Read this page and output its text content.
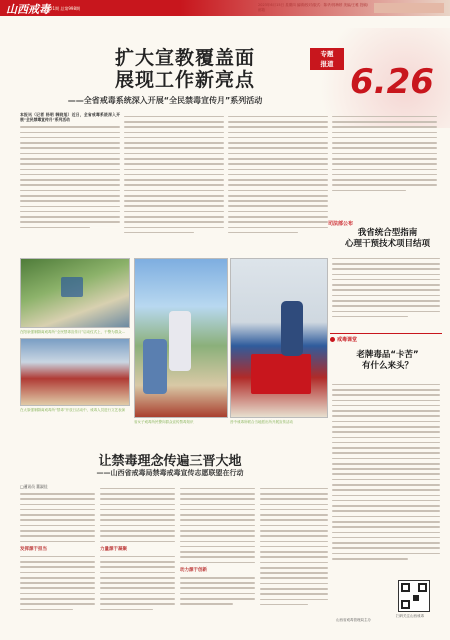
山西戒毒
第21期 总第998期
2023年6月15日 星期四 编辑/校对/版式：陈华/郭梅婷 美编/王雅 投稿/邮箱
专题
报道 6.26
扩大宣教覆盖面
展现工作新亮点
——全省戒毒系统深入开展“全民禁毒宣传月”系列活动
本报讯（记者 杨明 韩晓旭）近日，全省戒毒系统深入开展“全民禁毒宣传月”系列活动
司法部公布
我省统合型指南
心理干预技术项目结项
戒毒课堂
老牌毒品“卡苦”
有什么来头？
在阳泉强制隔离戒毒所“全民禁毒宣传月”启动仪式上，干警为群众...
在太原强制隔离戒毒所“禁毒”开放日活动中，戒毒人员进行文艺表演
省女子戒毒所民警向群众宣传禁毒知识	晋中戒毒所联合当地派出所开展宣传活动
让禁毒理念传遍三晋大地
——山西省戒毒局禁毒戒毒宣传志愿联盟在行动
□通讯员 董淑佳
发挥源于担当	力量源于凝聚
动力源于创新
山西省戒毒管理局主办
扫码关注山西戒毒
